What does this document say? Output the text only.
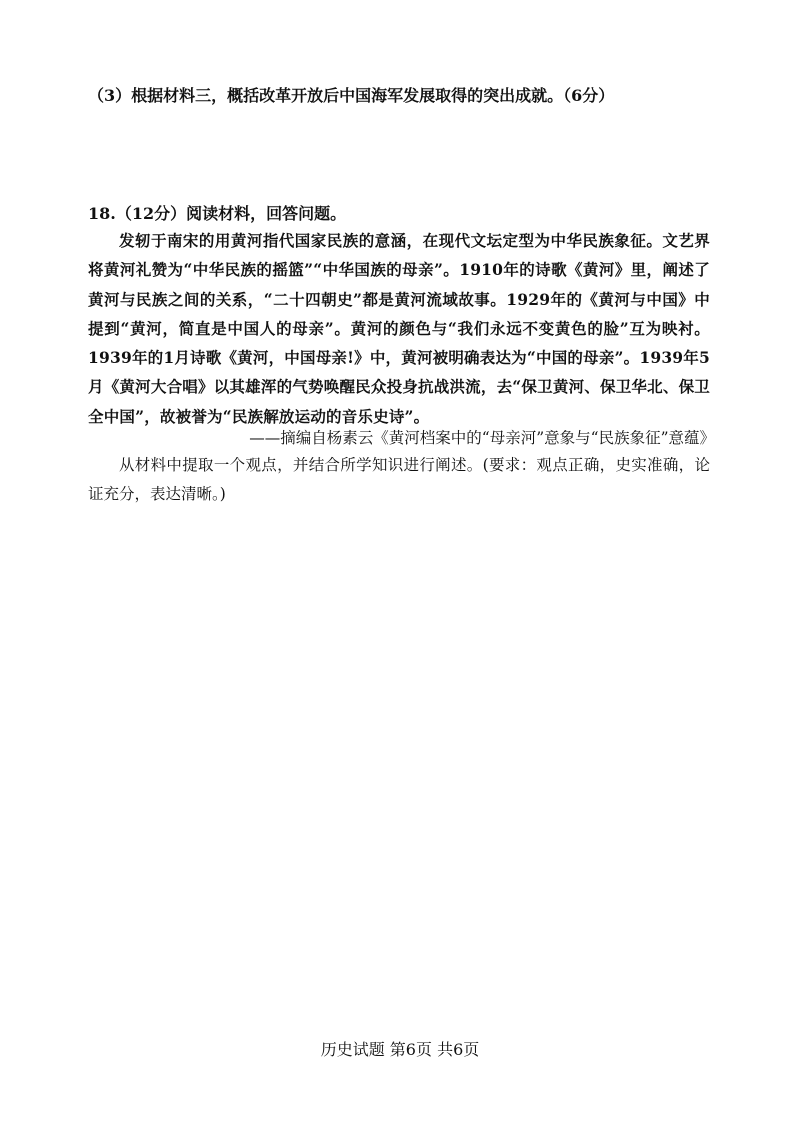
（3）根据材料三，概括改革开放后中国海军发展取得的突出成就。（6分）
18.（12分）阅读材料，回答问题。
发轫于南宋的用黄河指代国家民族的意涵，在现代文坛定型为中华民族象征。文艺界将黄河礼赞为“中华民族的摇篮”“中华国族的母亲”。1910年的诗歌《黄河》里，阐述了黄河与民族之间的关系，“二十四朝史”都是黄河流域故事。1929年的《黄河与中国》中提到“黄河，简直是中国人的母亲”。黄河的颜色与“我们永远不变黄色的脸”互为映衬。1939年的1月诗歌《黄河，中国母亲!》中，黄河被明确表达为“中国的母亲”。1939年5月《黄河大合唱》以其雄浑的气势唤醒民众投身抗战洪流，去“保卫黄河、保卫华北、保卫全中国”，故被誉为“民族解放运动的音乐史诗”。
——摘编自杨素云《黄河档案中的“母亲河”意象与“民族象征”意蕴》
从材料中提取一个观点，并结合所学知识进行阐述。(要求：观点正确，史实准确，论证充分，表达清晰。)
历史试题 第6页 共6页
